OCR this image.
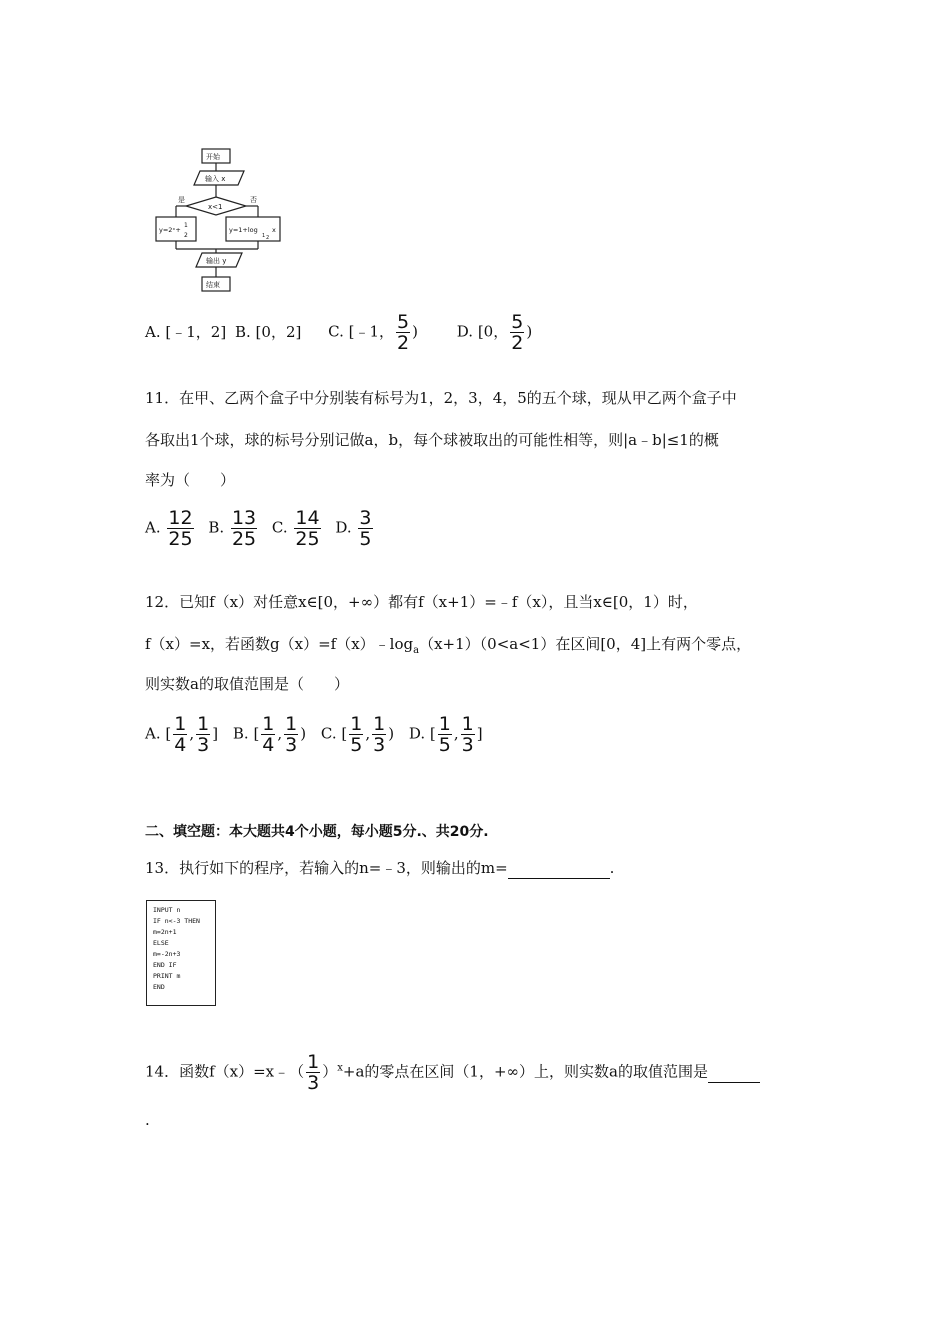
开始
输入 x
x<1
是	否
y=2ˣ+
1
2
y=1+log
1 2
x
输出 y
结束
A. [﹣1，2] B. [0，2] C. [﹣1， $\frac{5}{2}$ )	D. [0， $\frac{5}{2}$ )
11．在甲、乙两个盒子中分别装有标号为1，2，3，4，5的五个球，现从甲乙两个盒子中
各取出1个球，球的标号分别记做a，b，每个球被取出的可能性相等，则|a﹣b|≤1的概
率为（　　）
A. $\frac{12}{25} B$. $\frac{13}{25} C$. $\frac{14}{25} D$. $\frac{3}{5}$
12．已知f（x）对任意x∈[0，+∞）都有f（x+1）=﹣f（x），且当x∈[0，1）时，
f（x）=x，若函数$g(x)=f(x)﹣\log_a(x+1)(0<a<1)$在区间[0，4]上有两个零点，
则实数a的取值范围是（　　）
A. [ $\frac{1}{4}$ , $\frac{1}{3}$ ] B. [ $\frac{1}{4}$ , $\frac{1}{3}$ ) C. [ $\frac{1}{5}$ , $\frac{1}{3}$ ) D. [ $\frac{1}{5}$ , $\frac{1}{3}$ ]
二、填空题：本大题共4个小题，每小题5分.、共20分.
13．执行如下的程序，若输入的n=﹣3，则输出的m=	.
INPUT n
IF n<-3 THEN
m=2n+1
ELSE
m=-2n+3
END IF
PRINT m
END
14．函数f（x）=x﹣（ $\frac{1}{3} )^x+a$的零点在区间（1，+∞）上，则实数a的取值范围是
.
